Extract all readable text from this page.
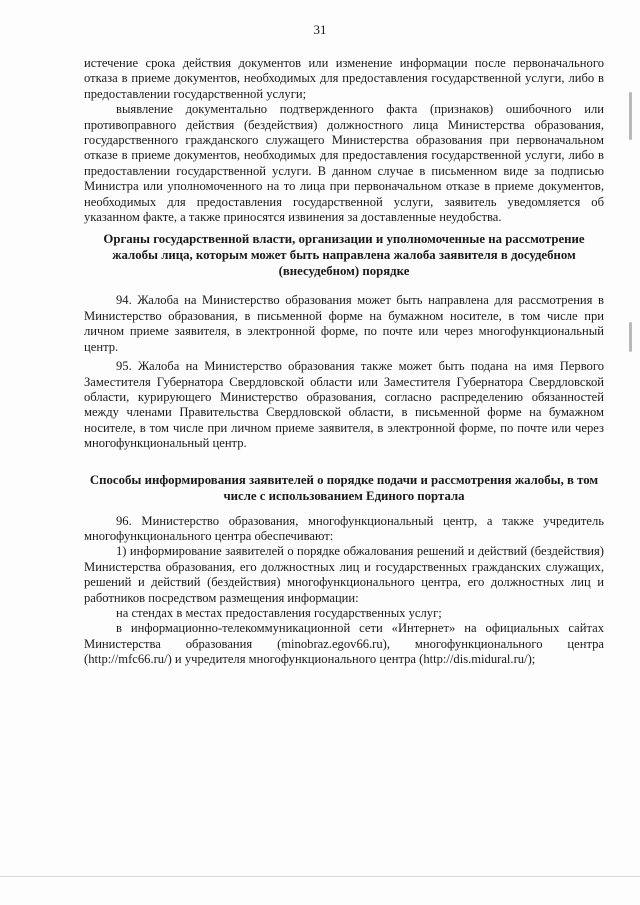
31

истечение срока действия документов или изменение информации после первоначального отказа в приеме документов, необходимых для предоставления государственной услуги, либо в предоставлении государственной услуги;

выявление документально подтвержденного факта (признаков) ошибочного или противоправного действия (бездействия) должностного лица Министерства образования, государственного гражданского служащего Министерства образования при первоначальном отказе в приеме документов, необходимых для предоставления государственной услуги, либо в предоставлении государственной услуги. В данном случае в письменном виде за подписью Министра или уполномоченного на то лица при первоначальном отказе в приеме документов, необходимых для предоставления государственной услуги, заявитель уведомляется об указанном факте, а также приносятся извинения за доставленные неудобства.

Органы государственной власти, организации и уполномоченные на рассмотрение жалобы лица, которым может быть направлена жалоба заявителя в досудебном (внесудебном) порядке

94. Жалоба на Министерство образования может быть направлена для рассмотрения в Министерство образования, в письменной форме на бумажном носителе, в том числе при личном приеме заявителя, в электронной форме, по почте или через многофункциональный центр.

95. Жалоба на Министерство образования также может быть подана на имя Первого Заместителя Губернатора Свердловской области или Заместителя Губернатора Свердловской области, курирующего Министерство образования, согласно распределению обязанностей между членами Правительства Свердловской области, в письменной форме на бумажном носителе, в том числе при личном приеме заявителя, в электронной форме, по почте или через многофункциональный центр.

Способы информирования заявителей о порядке подачи и рассмотрения жалобы, в том числе с использованием Единого портала

96. Министерство образования, многофункциональный центр, а также учредитель многофункционального центра обеспечивают:

1) информирование заявителей о порядке обжалования решений и действий (бездействия) Министерства образования, его должностных лиц и государственных гражданских служащих, решений и действий (бездействия) многофункционального центра, его должностных лиц и работников посредством размещения информации:

на стендах в местах предоставления государственных услуг;

в информационно-телекоммуникационной сети «Интернет» на официальных сайтах Министерства образования (minobraz.egov66.ru), многофункционального центра (http://mfc66.ru/) и учредителя многофункционального центра (http://dis.midural.ru/);
